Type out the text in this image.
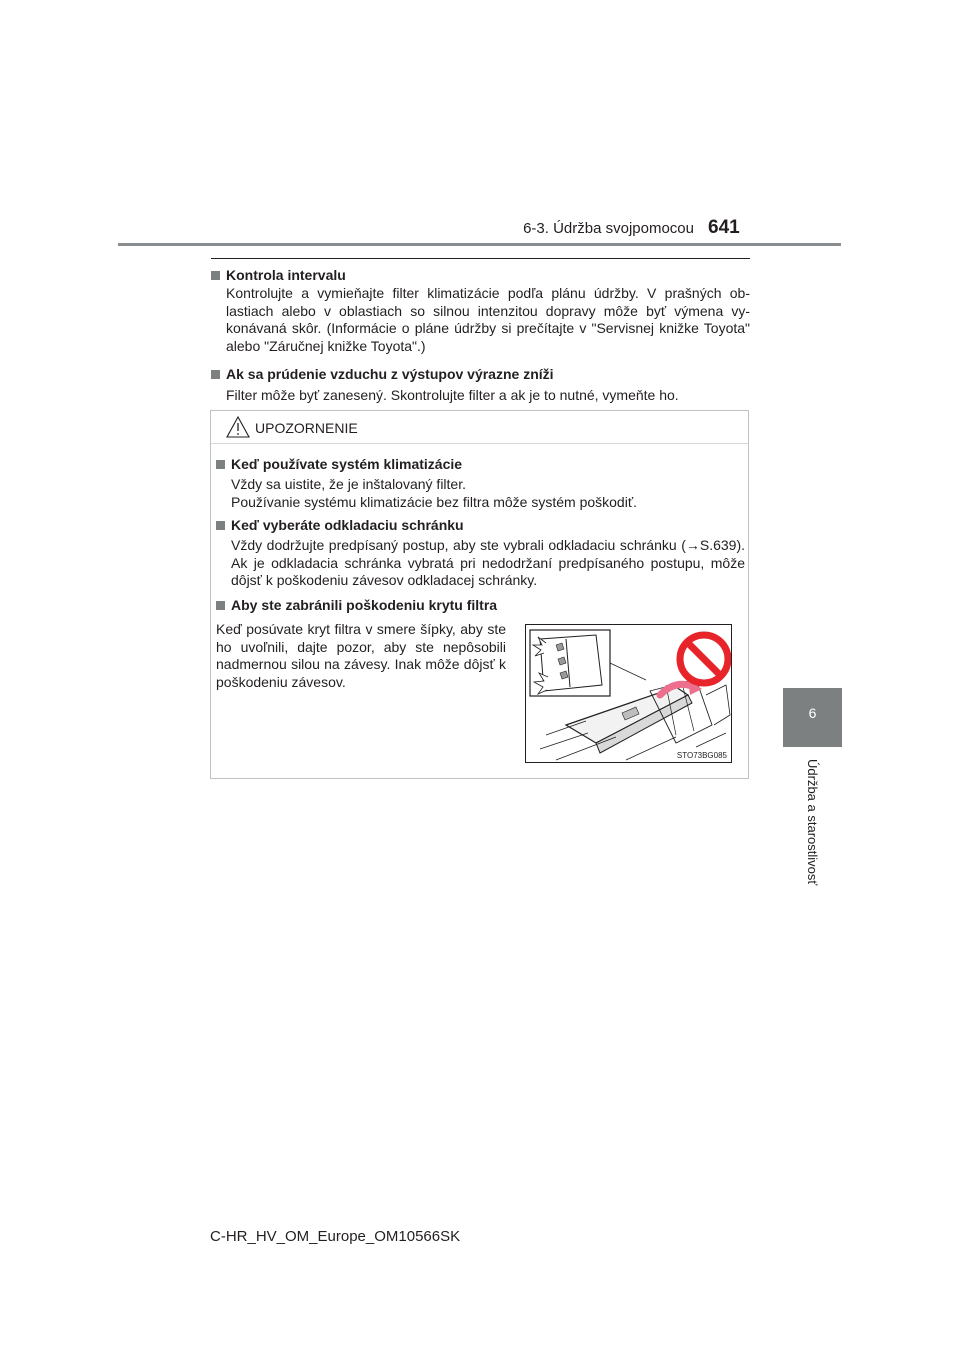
6-3. Údržba svojpomocou 641
6
Údržba a starostlivosť
Kontrola intervalu
Kontrolujte a vymieňajte filter klimatizácie podľa plánu údržby. V prašných ob- lastiach alebo v oblastiach so silnou intenzitou dopravy môže byť výmena vy- konávaná skôr. (Informácie o pláne údržby si prečítajte v "Servisnej knižke Toyota" alebo "Záručnej knižke Toyota".)
Ak sa prúdenie vzduchu z výstupov výrazne zníži
Filter môže byť zanesený. Skontrolujte filter a ak je to nutné, vymeňte ho.
UPOZORNENIE
Keď používate systém klimatizácie
Vždy sa uistite, že je inštalovaný filter.
Používanie systému klimatizácie bez filtra môže systém poškodiť.
Keď vyberáte odkladaciu schránku
Vždy dodržujte predpísaný postup, aby ste vybrali odkladaciu schránku (→S.639). Ak je odkladacia schránka vybratá pri nedodržaní predpísaného postupu, môže dôjsť k poškodeniu závesov odkladacej schránky.
Aby ste zabránili poškodeniu krytu filtra
Keď posúvate kryt filtra v smere šípky, aby ste ho uvoľnili, dajte pozor, aby ste nepôsobili nadmernou silou na závesy. Inak môže dôjsť k poškodeniu závesov.
STO73BG085
C-HR_HV_OM_Europe_OM10566SK
